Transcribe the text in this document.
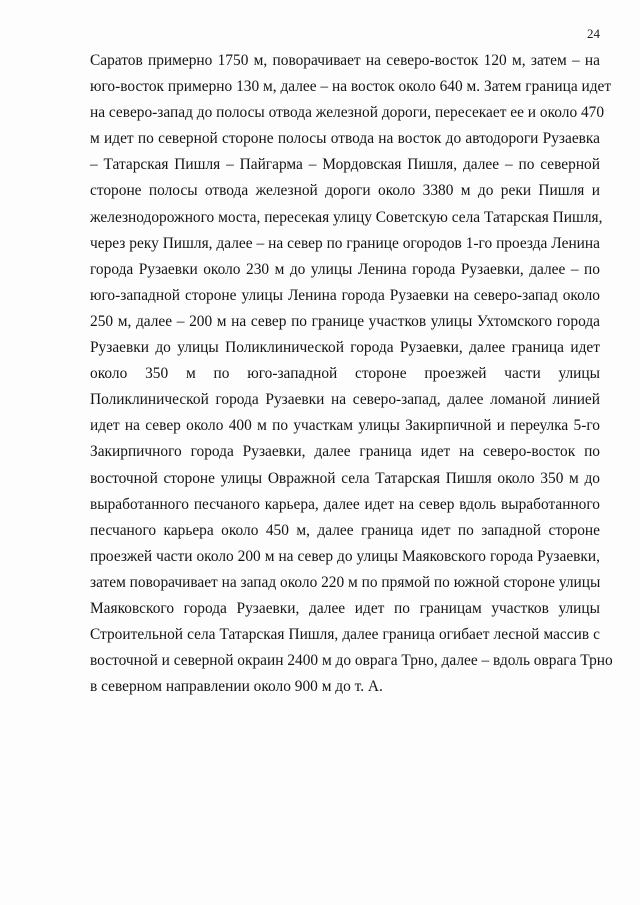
24
Саратов примерно 1750 м, поворачивает на северо-восток 120 м, затем – на
юго-восток примерно 130 м, далее – на восток около 640 м. Затем граница идет
на северо-запад до полосы отвода железной дороги, пересекает ее и около 470
м идет по северной стороне полосы отвода на восток до автодороги Рузаевка
– Татарская Пишля – Пайгарма – Мордовская Пишля, далее – по северной
стороне полосы отвода железной дороги около 3380 м до реки Пишля и
железнодорожного моста, пересекая улицу Советскую села Татарская Пишля,
через реку Пишля, далее – на север по границе огородов 1-го проезда Ленина
города Рузаевки около 230 м до улицы Ленина города Рузаевки, далее – по
юго-западной стороне улицы Ленина города Рузаевки на северо-запад около
250 м, далее – 200 м на север по границе участков улицы Ухтомского города
Рузаевки до улицы Поликлинической города Рузаевки, далее граница идет
около 350 м по юго-западной стороне проезжей части улицы
Поликлинической города Рузаевки на северо-запад, далее ломаной линией
идет на север около 400 м по участкам улицы Закирпичной и переулка 5-го
Закирпичного города Рузаевки, далее граница идет на северо-восток по
восточной стороне улицы Овражной села Татарская Пишля около 350 м до
выработанного песчаного карьера, далее идет на север вдоль выработанного
песчаного карьера около 450 м, далее граница идет по западной стороне
проезжей части около 200 м на север до улицы Маяковского города Рузаевки,
затем поворачивает на запад около 220 м по прямой по южной стороне улицы
Маяковского города Рузаевки, далее идет по границам участков улицы
Строительной села Татарская Пишля, далее граница огибает лесной массив с
восточной и северной окраин 2400 м до оврага Трно, далее – вдоль оврага Трно
в северном направлении около 900 м до т. А.
